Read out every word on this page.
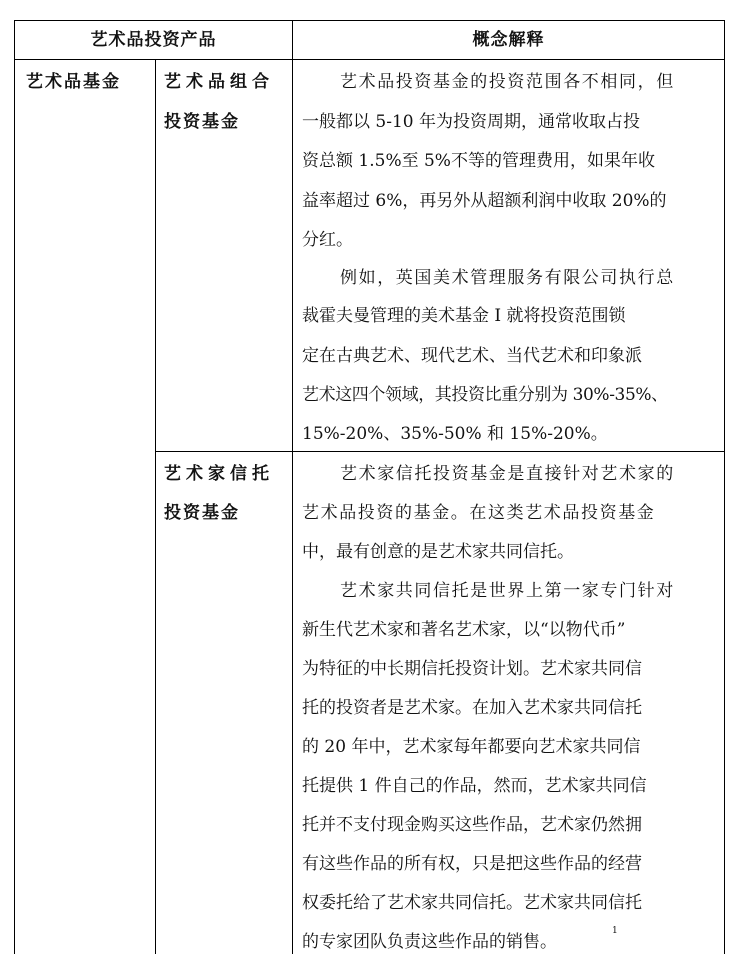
艺术品投资产品	概念解释
艺术品基金	艺术品组合
投资基金
艺术品投资基金的投资范围各不相同，但
一般都以 5-10 年为投资周期，通常收取占投
资总额 1.5%至 5%不等的管理费用，如果年收
益率超过 6%，再另外从超额利润中收取 20%的
分红。
例如，英国美术管理服务有限公司执行总
裁霍夫曼管理的美术基金 I 就将投资范围锁
定在古典艺术、现代艺术、当代艺术和印象派
艺术这四个领域，其投资比重分别为 30%-35%、
15%-20%、35%-50% 和 15%-20%。
艺术家信托
投资基金
艺术家信托投资基金是直接针对艺术家的
艺术品投资的基金。在这类艺术品投资基金
中，最有创意的是艺术家共同信托。
艺术家共同信托是世界上第一家专门针对
新生代艺术家和著名艺术家，以“以物代币”
为特征的中长期信托投资计划。艺术家共同信
托的投资者是艺术家。在加入艺术家共同信托
的 20 年中，艺术家每年都要向艺术家共同信
托提供 1 件自己的作品，然而，艺术家共同信
托并不支付现金购买这些作品，艺术家仍然拥
有这些作品的所有权，只是把这些作品的经营
权委托给了艺术家共同信托。艺术家共同信托
的专家团队负责这些作品的销售。
1
